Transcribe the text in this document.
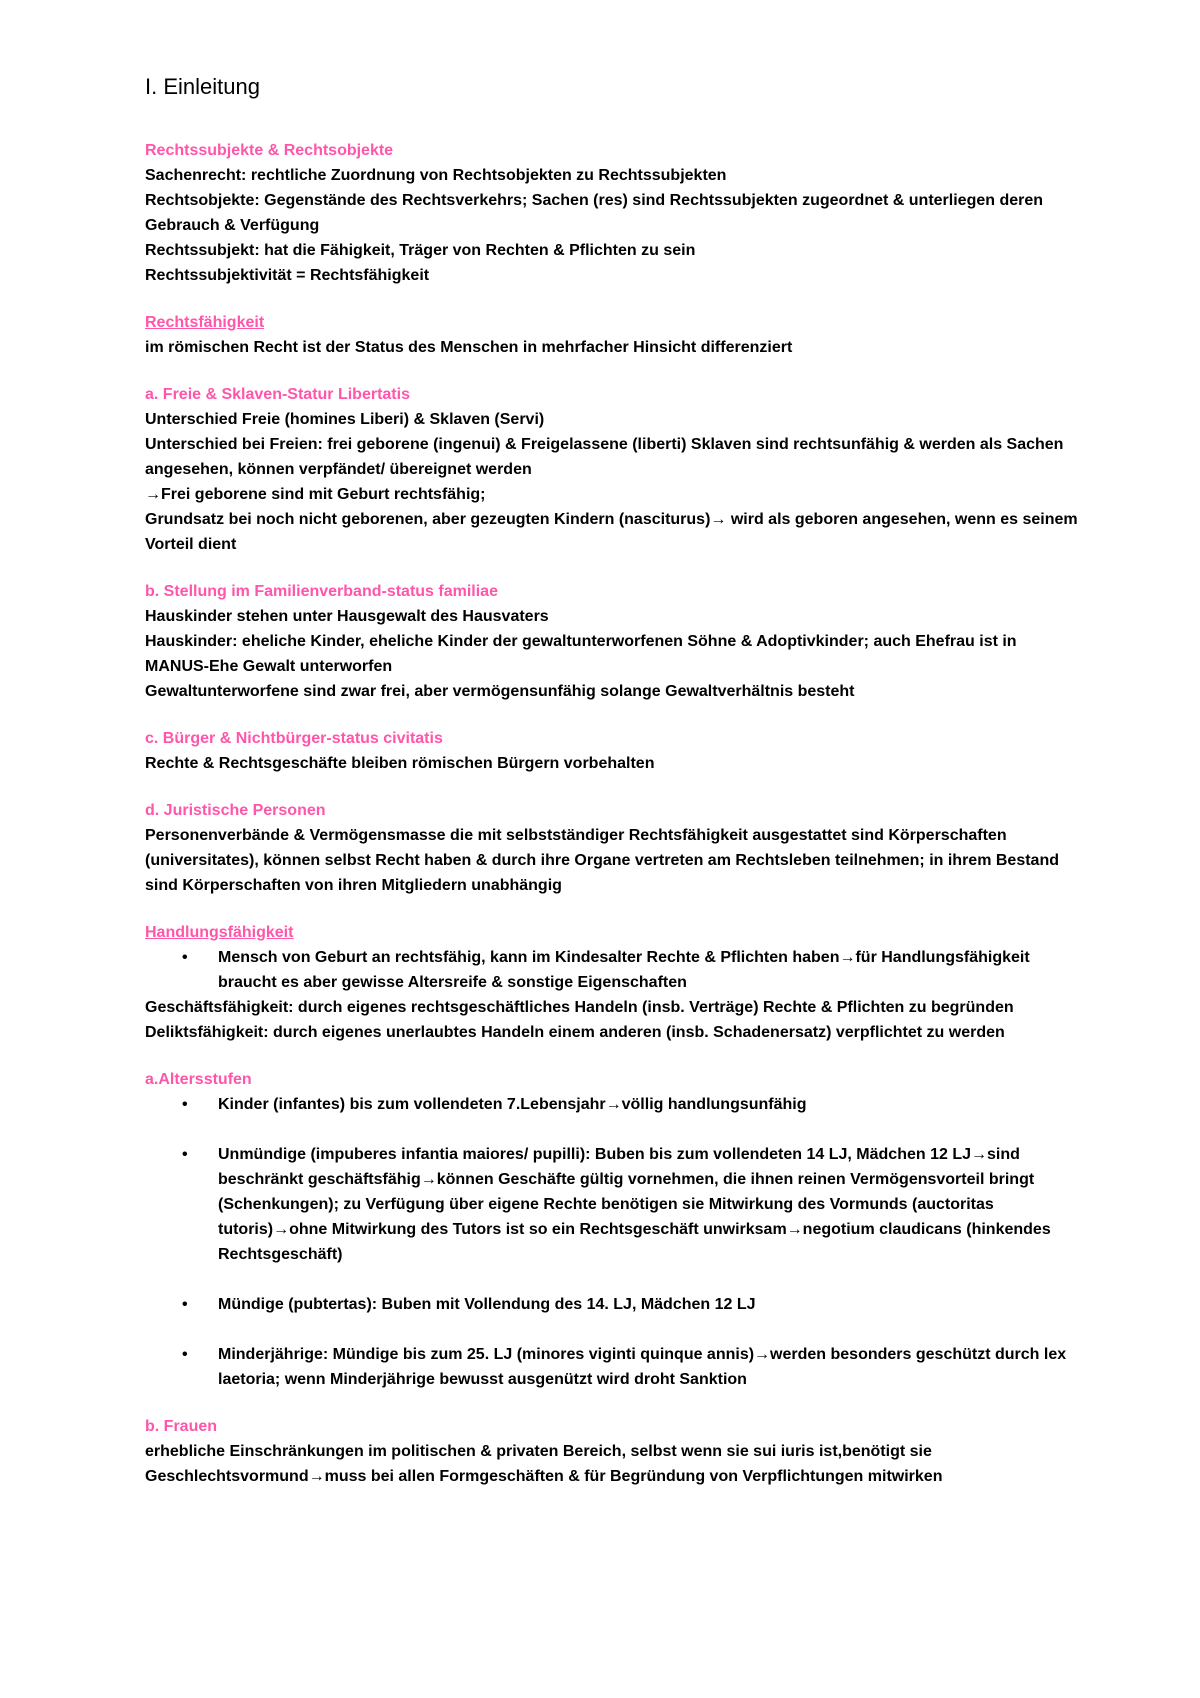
I. Einleitung

Rechtssubjekte & Rechtsobjekte

Sachenrecht: rechtliche Zuordnung von Rechtsobjekten zu Rechtssubjekten

Rechtsobjekte: Gegenstände des Rechtsverkehrs; Sachen (res) sind Rechtssubjekten zugeordnet & unterliegen deren Gebrauch & Verfügung

Rechtssubjekt: hat die Fähigkeit, Träger von Rechten & Pflichten zu sein

Rechtssubjektivität = Rechtsfähigkeit

Rechtsfähigkeit

im römischen Recht ist der Status des Menschen in mehrfacher Hinsicht differenziert

a. Freie & Sklaven-Statur Libertatis

Unterschied Freie (homines Liberi) & Sklaven (Servi)

Unterschied bei Freien: frei geborene (ingenui) & Freigelassene (liberti) Sklaven sind rechtsunfähig & werden als Sachen angesehen, können verpfändet/ übereignet werden

→Frei geborene sind mit Geburt rechtsfähig;

Grundsatz bei noch nicht geborenen, aber gezeugten Kindern (nasciturus)→ wird als geboren angesehen, wenn es seinem Vorteil dient

b. Stellung im Familienverband-status familiae

Hauskinder stehen unter Hausgewalt des Hausvaters

Hauskinder: eheliche Kinder, eheliche Kinder der gewaltunterworfenen Söhne & Adoptivkinder; auch Ehefrau ist in MANUS-Ehe Gewalt unterworfen

Gewaltunterworfene sind zwar frei, aber vermögensunfähig solange Gewaltverhältnis besteht

c. Bürger & Nichtbürger-status civitatis

Rechte & Rechtsgeschäfte bleiben römischen Bürgern vorbehalten

d. Juristische Personen

Personenverbände & Vermögensmasse die mit selbstständiger Rechtsfähigkeit ausgestattet sind Körperschaften (universitates), können selbst Recht haben & durch ihre Organe vertreten am Rechtsleben teilnehmen; in ihrem Bestand sind Körperschaften von ihren Mitgliedern unabhängig

Handlungsfähigkeit

• Mensch von Geburt an rechtsfähig, kann im Kindesalter Rechte & Pflichten haben→für Handlungsfähigkeit braucht es aber gewisse Altersreife & sonstige Eigenschaften

Geschäftsfähigkeit: durch eigenes rechtsgeschäftliches Handeln (insb. Verträge) Rechte & Pflichten zu begründen

Deliktsfähigkeit: durch eigenes unerlaubtes Handeln einem anderen (insb. Schadenersatz) verpflichtet zu werden

a.Altersstufen

• Kinder (infantes) bis zum vollendeten 7.Lebensjahr→völlig handlungsunfähig
• Unmündige (impuberes infantia maiores/ pupilli): Buben bis zum vollendeten 14 LJ, Mädchen 12 LJ→sind beschränkt geschäftsfähig→können Geschäfte gültig vornehmen, die ihnen reinen Vermögensvorteil bringt (Schenkungen); zu Verfügung über eigene Rechte benötigen sie Mitwirkung des Vormunds (auctoritas tutoris)→ohne Mitwirkung des Tutors ist so ein Rechtsgeschäft unwirksam→negotium claudicans (hinkendes Rechtsgeschäft)
• Mündige (pubtertas): Buben mit Vollendung des 14. LJ, Mädchen 12 LJ
• Minderjährige: Mündige bis zum 25. LJ (minores viginti quinque annis)→werden besonders geschützt durch lex laetoria; wenn Minderjährige bewusst ausgenützt wird droht Sanktion

b. Frauen

erhebliche Einschränkungen im politischen & privaten Bereich, selbst wenn sie sui iuris ist,benötigt sie Geschlechtsvormund→muss bei allen Formgeschäften & für Begründung von Verpflichtungen mitwirken
